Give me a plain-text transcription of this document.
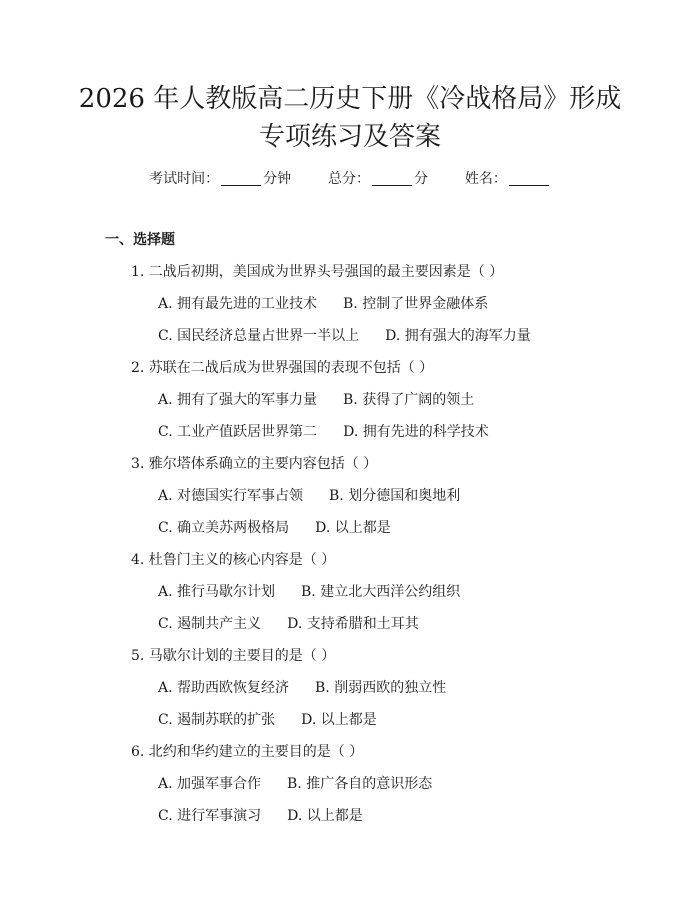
2026 年人教版高二历史下册《冷战格局》形成专项练习及答案
考试时间：	分钟	总分：	分	姓名：
一、选择题
1. 二战后初期，美国成为世界头号强国的最主要因素是（ ）
A. 拥有最先进的工业技术 B. 控制了世界金融体系
C. 国民经济总量占世界一半以上 D. 拥有强大的海军力量
2. 苏联在二战后成为世界强国的表现不包括（ ）
A. 拥有了强大的军事力量 B. 获得了广阔的领土
C. 工业产值跃居世界第二 D. 拥有先进的科学技术
3. 雅尔塔体系确立的主要内容包括（ ）
A. 对德国实行军事占领 B. 划分德国和奥地利
C. 确立美苏两极格局 D. 以上都是
4. 杜鲁门主义的核心内容是（ ）
A. 推行马歇尔计划 B. 建立北大西洋公约组织
C. 遏制共产主义 D. 支持希腊和土耳其
5. 马歇尔计划的主要目的是（ ）
A. 帮助西欧恢复经济 B. 削弱西欧的独立性
C. 遏制苏联的扩张 D. 以上都是
6. 北约和华约建立的主要目的是（ ）
A. 加强军事合作 B. 推广各自的意识形态
C. 进行军事演习 D. 以上都是
